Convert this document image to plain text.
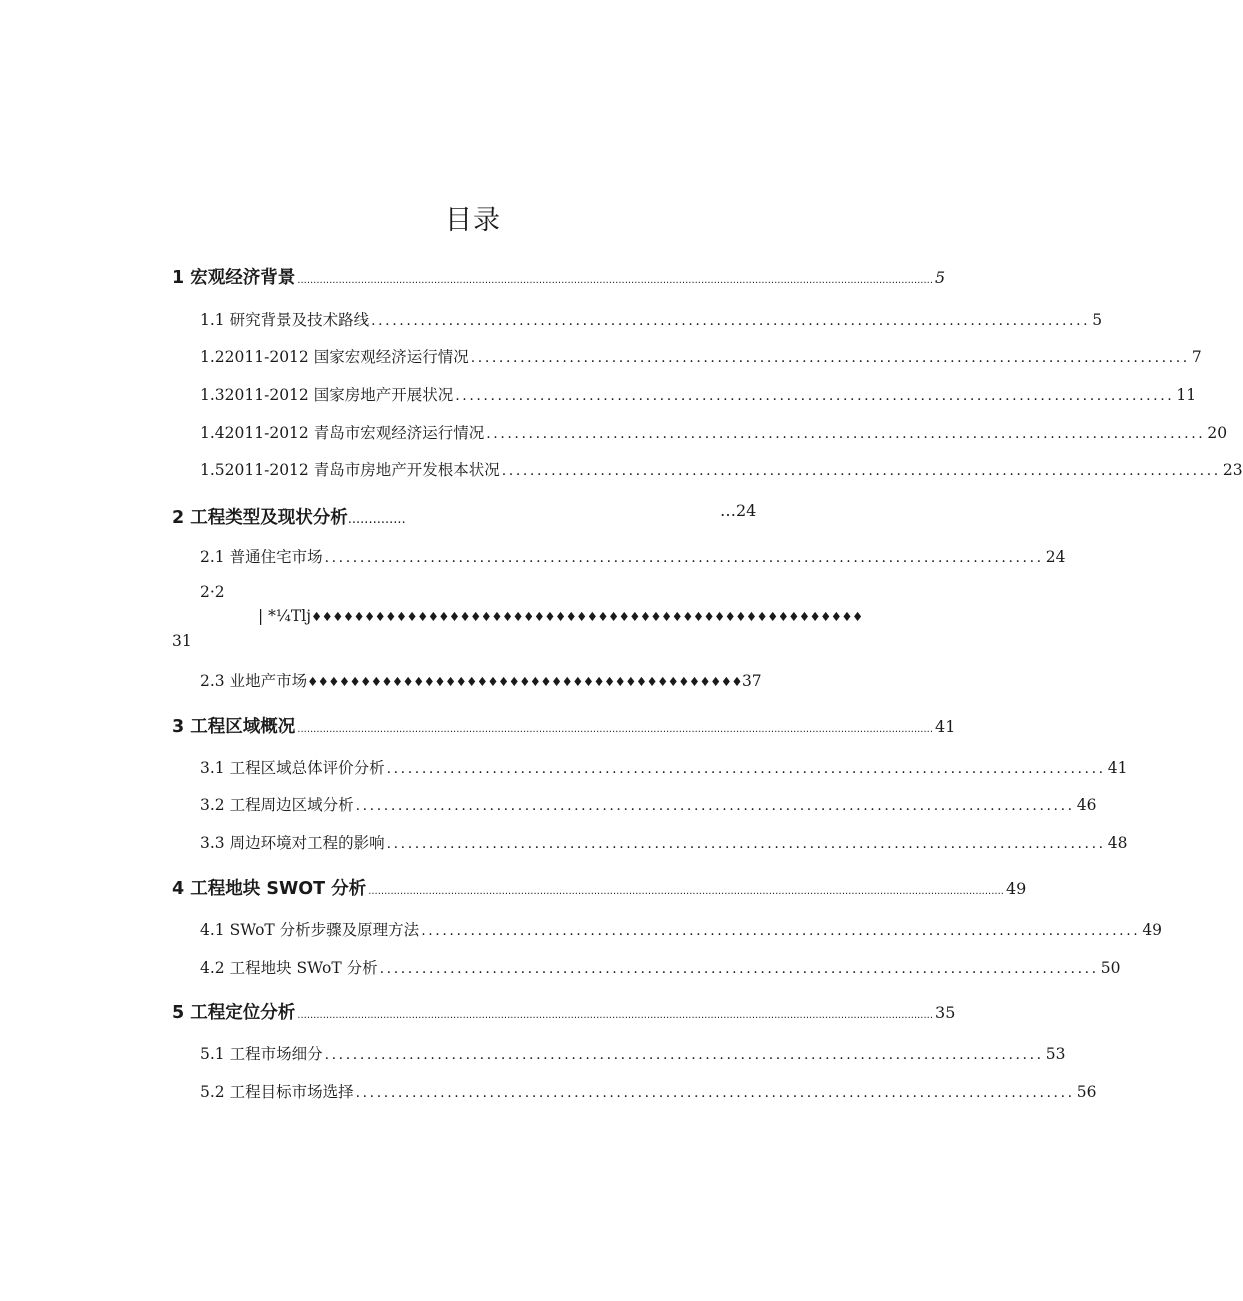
目录
1 宏观经济背景 ........................................................................................................................................................................................................ 5
1.1 研究背景及技术路线 ...................................................................................................... 5
1.22011-2012 国家宏观经济运行情况 ...................................................................................................... 7
1.32011-2012 国家房地产开展状况 ...................................................................................................... 11
1.42011-2012 青岛市宏观经济运行情况 ...................................................................................................... 20
1.52011-2012 青岛市房地产开发根本状况 ...................................................................................................... 23
2 工程类型及现状分析..............	…24
2.1 普通住宅市场 ...................................................................................................... 24
2·2
| *¼Tlj♦♦♦♦♦♦♦♦♦♦♦♦♦♦♦♦♦♦♦♦♦♦♦♦♦♦♦♦♦♦♦♦♦♦♦♦♦♦♦♦♦♦♦♦♦♦♦♦♦♦♦♦
31
2.3 业地产市场♦♦♦♦♦♦♦♦♦♦♦♦♦♦♦♦♦♦♦♦♦♦♦♦♦♦♦♦♦♦♦♦♦♦♦♦♦♦♦♦♦37
3 工程区域概况 ........................................................................................................................................................................................................ 41
3.1 工程区域总体评价分析 ...................................................................................................... 41
3.2 工程周边区域分析 ...................................................................................................... 46
3.3 周边环境对工程的影响 ...................................................................................................... 48
4 工程地块 SWOT 分析 ........................................................................................................................................................................................................ 49
4.1 SWoT 分析步骤及原理方法 ...................................................................................................... 49
4.2 工程地块 SWoT 分析 ...................................................................................................... 50
5 工程定位分析 ........................................................................................................................................................................................................ 35
5.1 工程市场细分 ...................................................................................................... 53
5.2 工程目标市场选择 ...................................................................................................... 56
